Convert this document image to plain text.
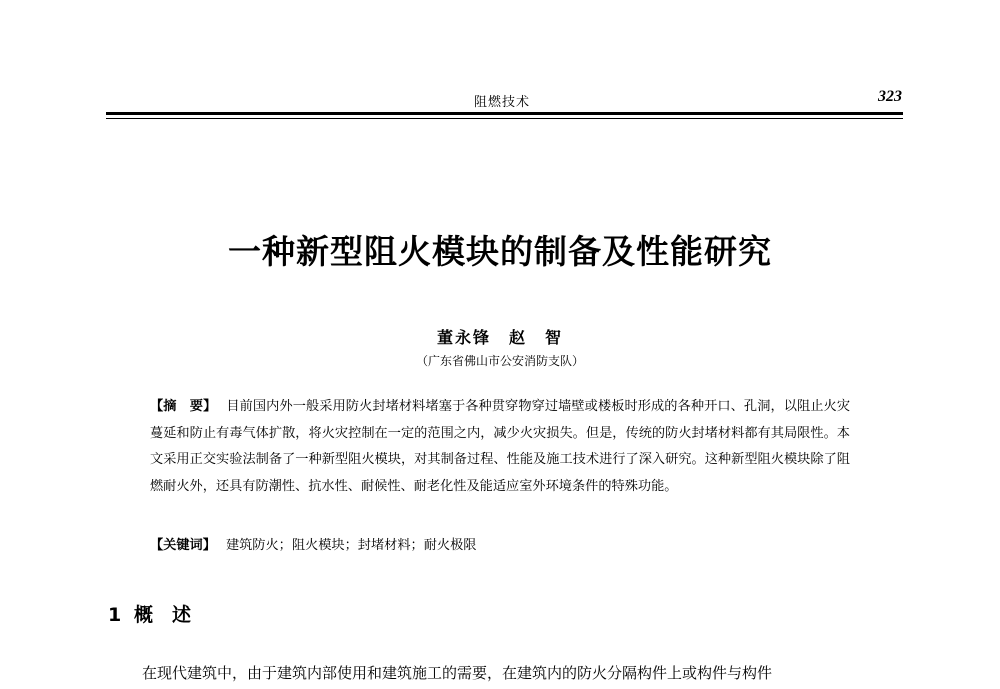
阻燃技术	323
一种新型阻火模块的制备及性能研究
董永锋　赵　智
（广东省佛山市公安消防支队）
【摘　要】 目前国内外一般采用防火封堵材料堵塞于各种贯穿物穿过墙壁或楼板时形成的各种开口、孔洞，以阻止火灾蔓延和防止有毒气体扩散，将火灾控制在一定的范围之内，减少火灾损失。但是，传统的防火封堵材料都有其局限性。本文采用正交实验法制备了一种新型阻火模块，对其制备过程、性能及施工技术进行了深入研究。这种新型阻火模块除了阻燃耐火外，还具有防潮性、抗水性、耐候性、耐老化性及能适应室外环境条件的特殊功能。
【关键词】 建筑防火；阻火模块；封堵材料；耐火极限
1 概　述
在现代建筑中，由于建筑内部使用和建筑施工的需要，在建筑内的防火分隔构件上或构件与构件
